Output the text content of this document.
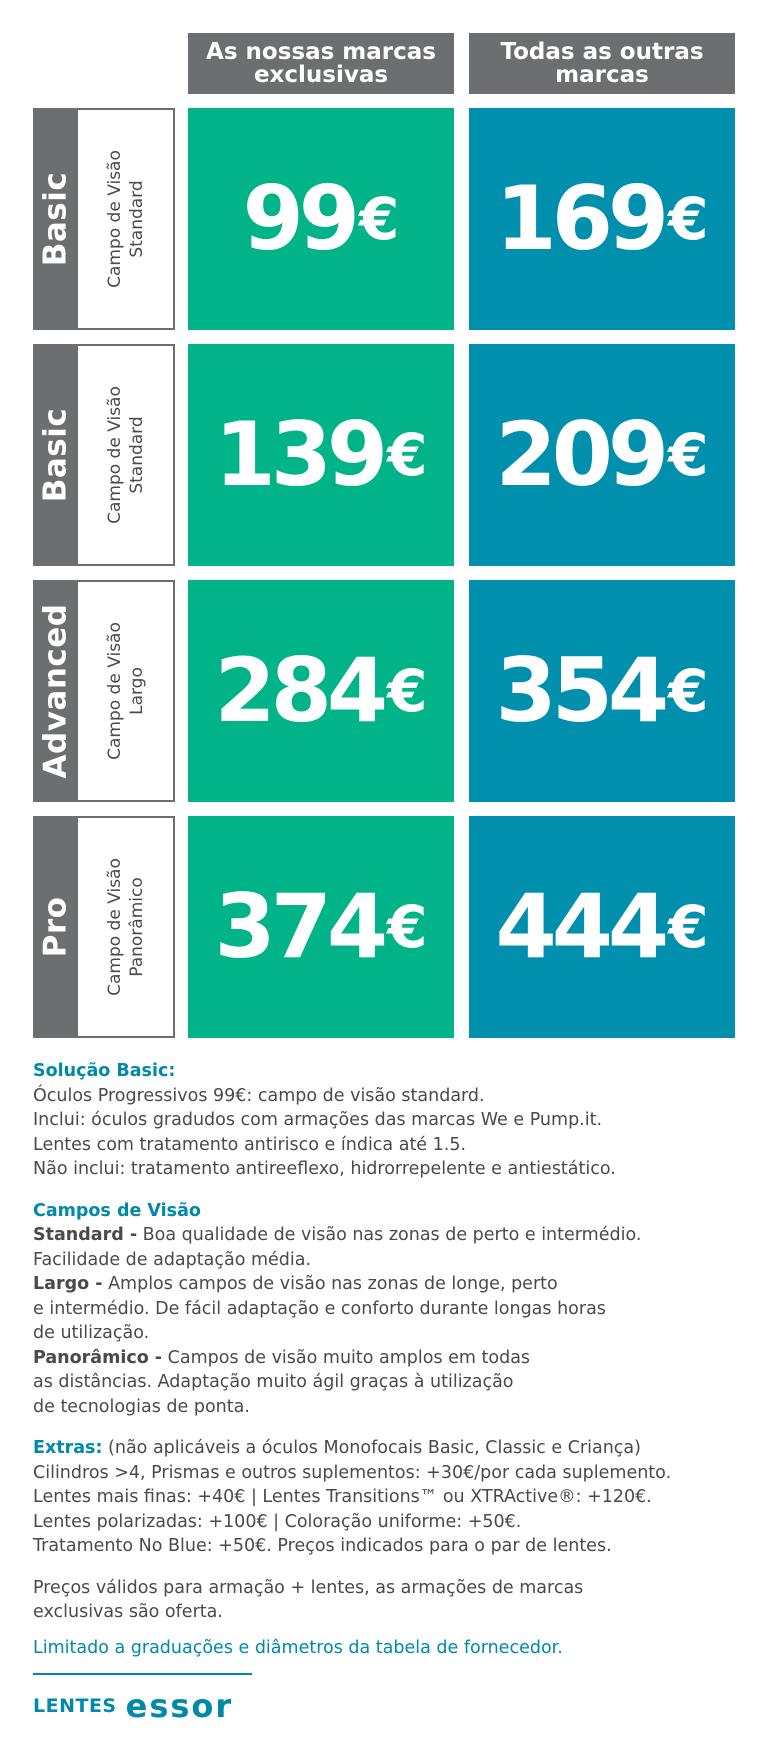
As nossas marcas
exclusivas
Todas as outras
marcas
Basic Campo de Visão Standard 99 € 169 €
Basic Campo de Visão Standard 139 € 209 €
Advanced Campo de Visão Largo 284 € 354 €
Pro Campo de Visão Panorâmico 374 € 444 €

Solução Basic:

Óculos Progressivos 99€: campo de visão standard.

Inclui: óculos gradudos com armações das marcas We e Pump.it.

Lentes com tratamento antirisco e índica até 1.5.

Não inclui: tratamento antireeflexo, hidrorrepelente e antiestático.

Campos de Visão

Standard - Boa qualidade de visão nas zonas de perto e intermédio.

Facilidade de adaptação média.

Largo - Amplos campos de visão nas zonas de longe, perto

e intermédio. De fácil adaptação e conforto durante longas horas

de utilização.

Panorâmico - Campos de visão muito amplos em todas

as distâncias. Adaptação muito ágil graças à utilização

de tecnologias de ponta.

Extras: (não aplicáveis a óculos Monofocais Basic, Classic e Criança)

Cilindros >4, Prismas e outros suplementos: +30€/por cada suplemento.

Lentes mais finas: +40€ | Lentes Transitions™ ou XTRActive®: +120€.

Lentes polarizadas: +100€ | Coloração uniforme: +50€.

Tratamento No Blue: +50€. Preços indicados para o par de lentes.

Preços válidos para armação + lentes, as armações de marcas

exclusivas são oferta.

Limitado a graduações e diâmetros da tabela de fornecedor.

LENTES essor
